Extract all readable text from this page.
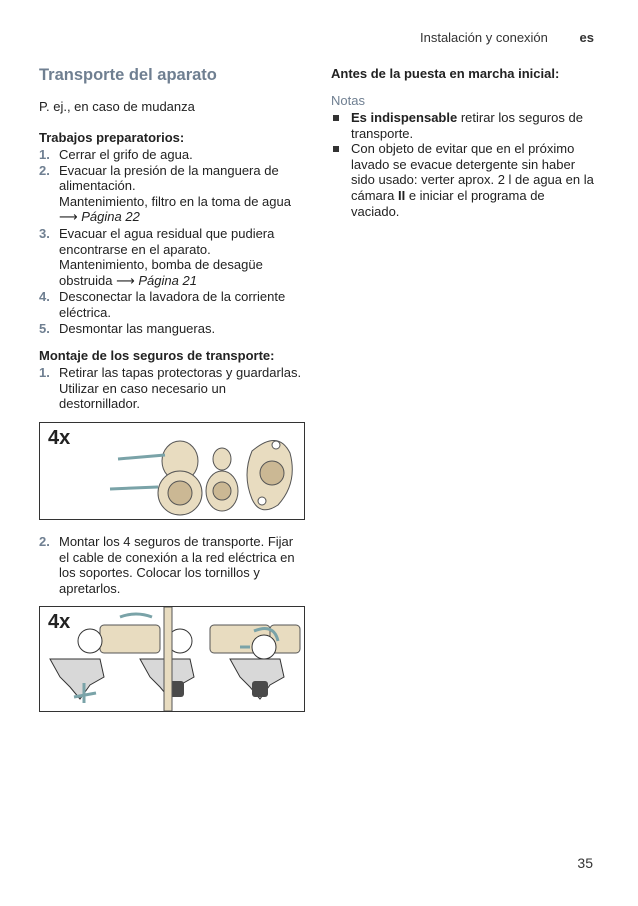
Instalación y conexión es
Transporte del aparato

P. ej., en caso de mudanza

Trabajos preparatorios:
1. Cerrar el grifo de agua.
2. Evacuar la presión de la manguera de alimentación.
Mantenimiento, filtro en la toma de agua ⟶ Página 22
3. Evacuar el agua residual que pudiera encontrarse en el aparato.
Mantenimiento, bomba de desagüe obstruida ⟶ Página 21
4. Desconectar la lavadora de la corriente eléctrica.
5. Desmontar las mangueras.
Montaje de los seguros de transporte:
1. Retirar las tapas protectoras y guardarlas.
Utilizar en caso necesario un destornillador.
4x
2. Montar los 4 seguros de transporte. Fijar el cable de conexión a la red eléctrica en los soportes. Colocar los tornillos y apretarlos.
4x
Antes de la puesta en marcha inicial:
Notas
Es indispensable retirar los seguros de transporte.
Con objeto de evitar que en el próximo lavado se evacue detergente sin haber sido usado: verter aprox. 2 l de agua en la cámara II e iniciar el programa de vaciado.
35
